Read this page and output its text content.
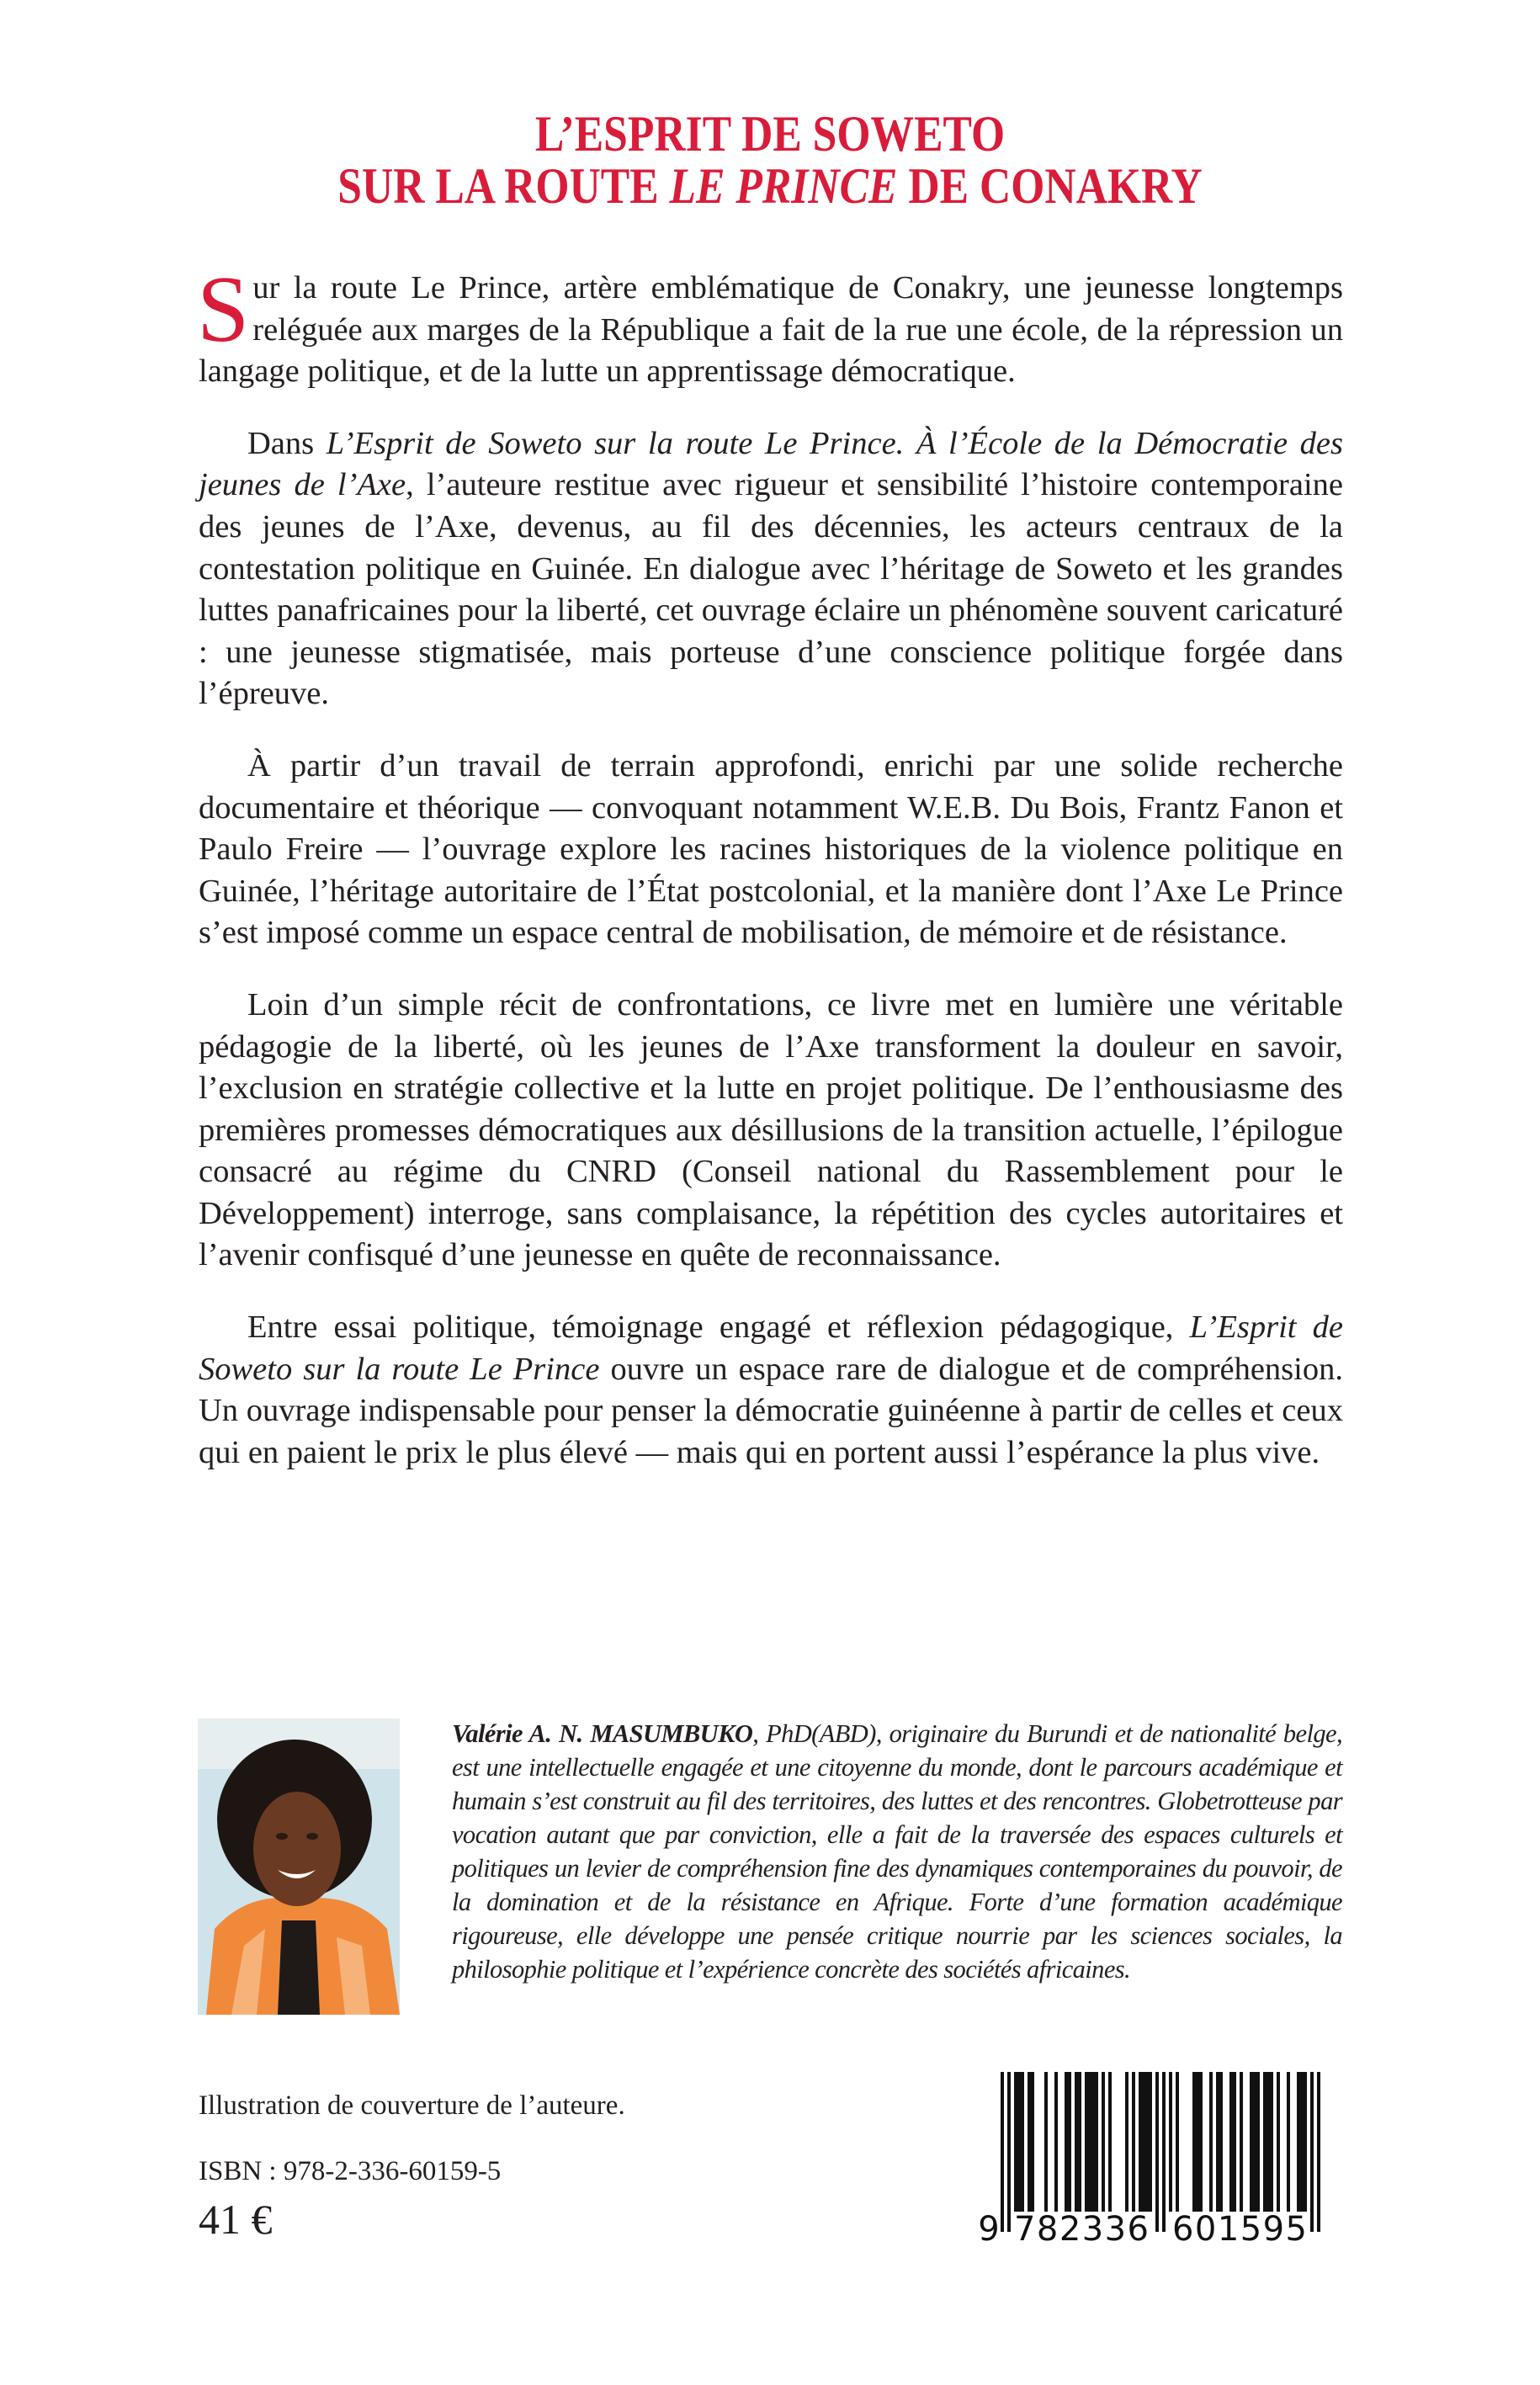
L’ESPRIT DE SOWETO
SUR LA ROUTE LE PRINCE DE CONAKRY

Sur la route Le Prince, artère emblématique de Conakry, une jeunesse longtemps reléguée aux marges de la République a fait de la rue une école, de la répression un langage politique, et de la lutte un apprentissage démocratique.

Dans L’Esprit de Soweto sur la route Le Prince. À l’École de la Démocratie des jeunes de l’Axe, l’auteure restitue avec rigueur et sensibilité l’histoire contemporaine des jeunes de l’Axe, devenus, au fil des décennies, les acteurs centraux de la contestation politique en Guinée. En dialogue avec l’héritage de Soweto et les grandes luttes panafricaines pour la liberté, cet ouvrage éclaire un phénomène souvent caricaturé : une jeunesse stigmatisée, mais porteuse d’une conscience politique forgée dans l’épreuve.

À partir d’un travail de terrain approfondi, enrichi par une solide recherche documentaire et théorique — convoquant notamment W.E.B. Du Bois, Frantz Fanon et Paulo Freire — l’ouvrage explore les racines historiques de la violence politique en Guinée, l’héritage autoritaire de l’État postcolonial, et la manière dont l’Axe Le Prince s’est imposé comme un espace central de mobilisation, de mémoire et de résistance.

Loin d’un simple récit de confrontations, ce livre met en lumière une véritable pédagogie de la liberté, où les jeunes de l’Axe transforment la douleur en savoir, l’exclusion en stratégie collective et la lutte en projet politique. De l’enthousiasme des premières promesses démocratiques aux désillusions de la transition actuelle, l’épilogue consacré au régime du CNRD (Conseil national du Rassemblement pour le Développement) interroge, sans complaisance, la répétition des cycles autoritaires et l’avenir confisqué d’une jeunesse en quête de reconnaissance.

Entre essai politique, témoignage engagé et réflexion pédagogique, L’Esprit de Soweto sur la route Le Prince ouvre un espace rare de dialogue et de compréhension. Un ouvrage indispensable pour penser la démocratie guinéenne à partir de celles et ceux qui en paient le prix le plus élevé — mais qui en portent aussi l’espérance la plus vive.

Valérie A. N. MASUMBUKO, PhD(ABD), originaire du Burundi et de nationalité belge, est une intellectuelle engagée et une citoyenne du monde, dont le parcours académique et humain s’est construit au fil des territoires, des luttes et des rencontres. Globetrotteuse par vocation autant que par conviction, elle a fait de la traversée des espaces culturels et politiques un levier de compréhension fine des dynamiques contemporaines du pouvoir, de la domination et de la résistance en Afrique. Forte d’une formation académique rigoureuse, elle développe une pensée critique nourrie par les sciences sociales, la philosophie politique et l’expérience concrète des sociétés africaines.
Illustration de couverture de l’auteure.
ISBN : 978-2-336-60159-5
41 €	9 782336 601595
